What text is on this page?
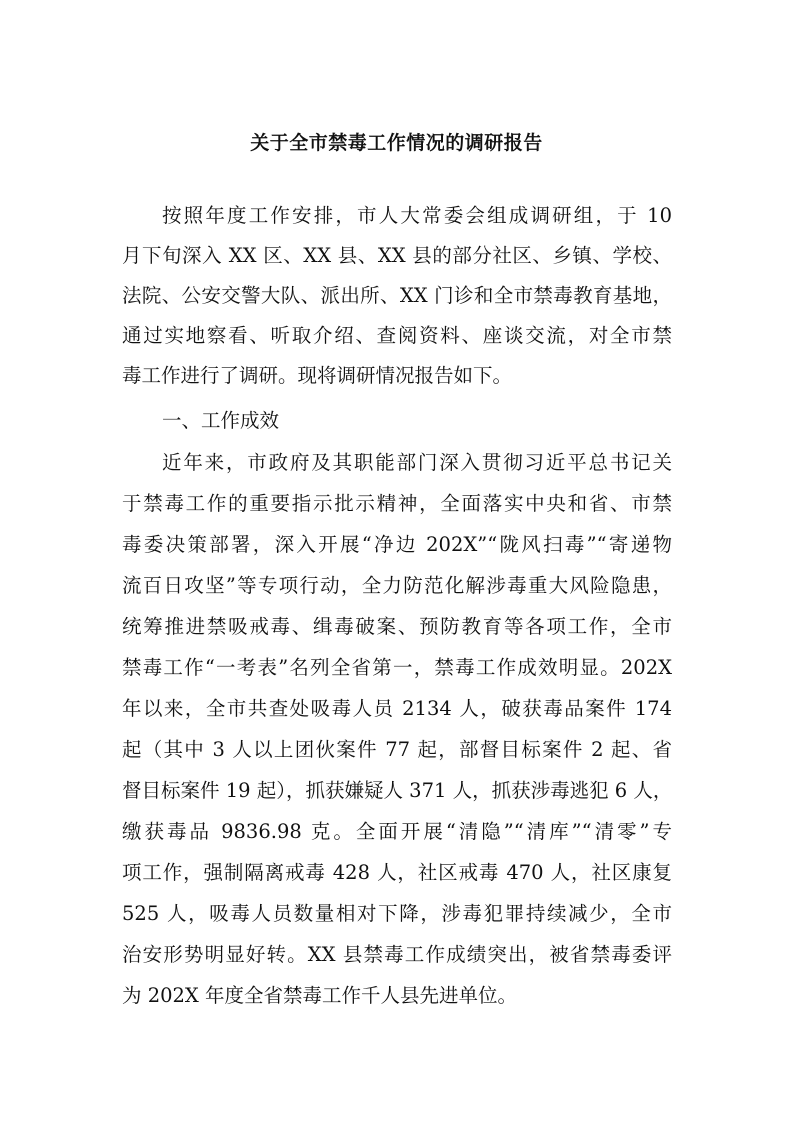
关于全市禁毒工作情况的调研报告
按照年度工作安排，市人大常委会组成调研组，于 10
月下旬深入 XX 区、XX 县、XX 县的部分社区、乡镇、学校、
法院、公安交警大队、派出所、XX 门诊和全市禁毒教育基地，
通过实地察看、听取介绍、查阅资料、座谈交流，对全市禁
毒工作进行了调研。现将调研情况报告如下。
一、工作成效
近年来，市政府及其职能部门深入贯彻习近平总书记关
于禁毒工作的重要指示批示精神，全面落实中央和省、市禁
毒委决策部署，深入开展“净边 202X”“陇风扫毒”“寄递物
流百日攻坚”等专项行动，全力防范化解涉毒重大风险隐患，
统筹推进禁吸戒毒、缉毒破案、预防教育等各项工作，全市
禁毒工作“一考表”名列全省第一，禁毒工作成效明显。202X
年以来，全市共查处吸毒人员 2134 人，破获毒品案件 174
起（其中 3 人以上团伙案件 77 起，部督目标案件 2 起、省
督目标案件 19 起），抓获嫌疑人 371 人，抓获涉毒逃犯 6 人，
缴获毒品 9836.98 克。全面开展“清隐”“清库”“清零”专
项工作，强制隔离戒毒 428 人，社区戒毒 470 人，社区康复
525 人，吸毒人员数量相对下降，涉毒犯罪持续减少，全市
治安形势明显好转。XX 县禁毒工作成绩突出，被省禁毒委评
为 202X 年度全省禁毒工作千人县先进单位。
